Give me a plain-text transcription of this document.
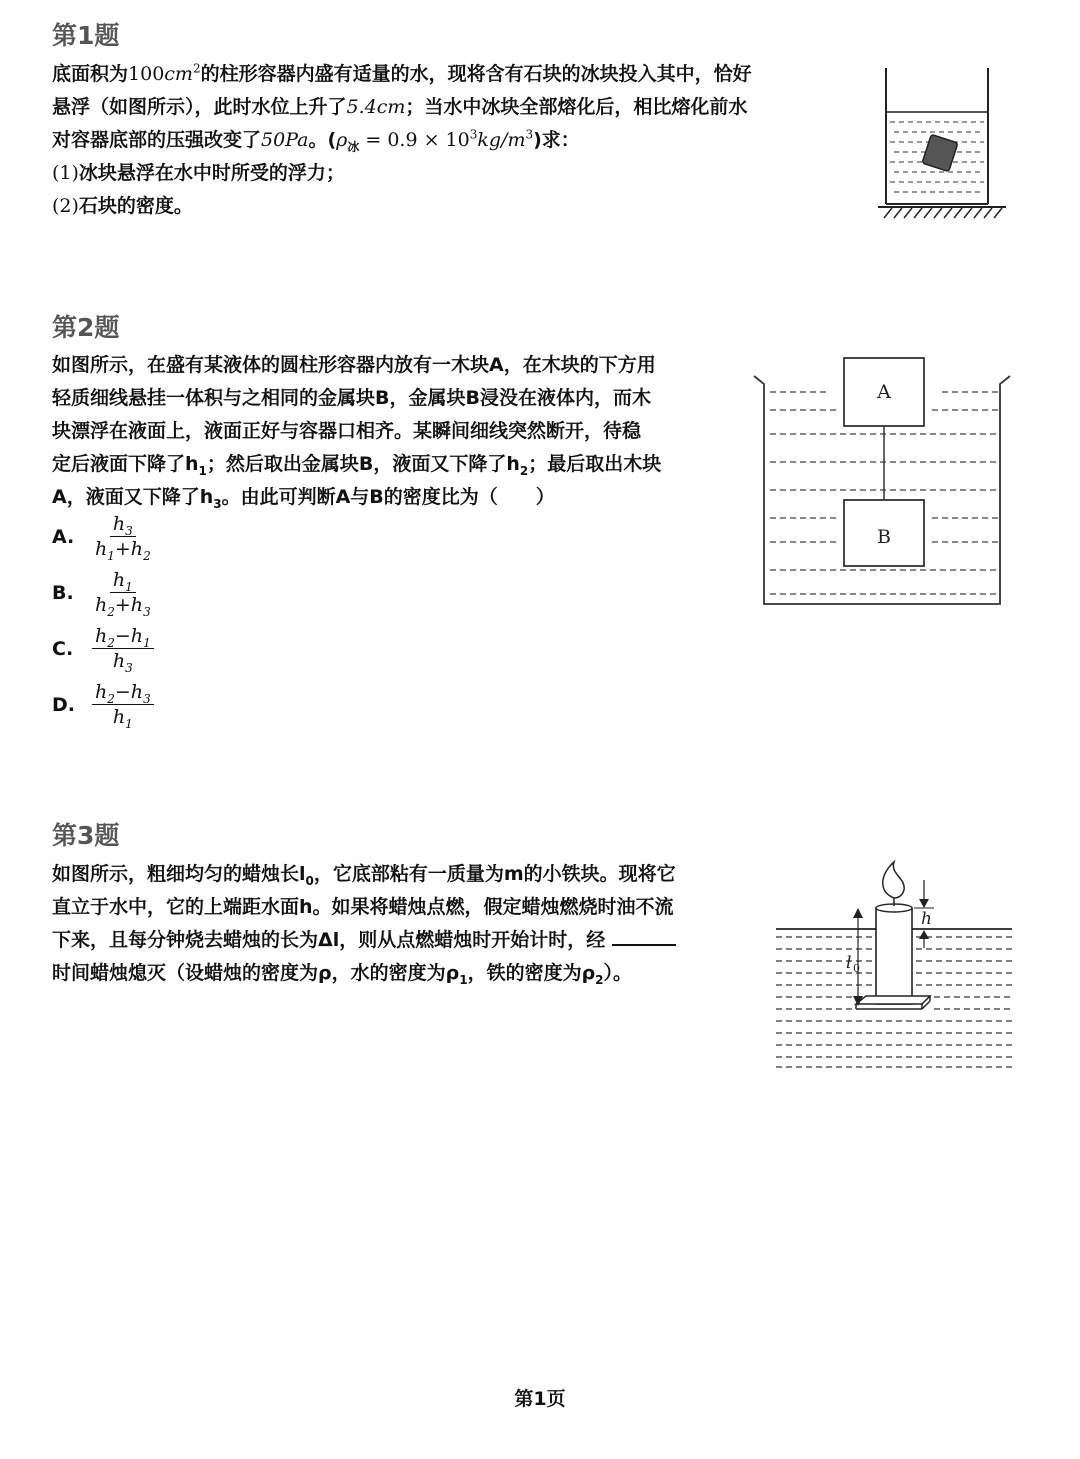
第1题
底面积为$100cm^2$的柱形容器内盛有适量的水，现将含有石块的冰块投入其中，恰好
悬浮（如图所示），此时水位上升了5.4cm；当水中冰块全部熔化后，相比熔化前水
对容器底部的压强改变了50Pa。$(\rho_冰 = 0.9 \times 10^3kg/m^3)$求：
(1)冰块悬浮在水中时所受的浮力；
(2)石块的密度。
第2题
如图所示，在盛有某液体的圆柱形容器内放有一木块A，在木块的下方用
轻质细线悬挂一体积与之相同的金属块B，金属块B浸没在液体内，而木
块漂浮在液面上，液面正好与容器口相齐。某瞬间细线突然断开，待稳
定后液面下降了$h_1$；然后取出金属块B，液面又下降了$h_2$；最后取出木块
A，液面又下降了$h_3$。由此可判断A与B的密度比为（　　）
A. $\frac{h_3}{h_1+h_2}$
B. $\frac{h_1}{h_2+h_3}$
C. $\frac{h_2-h_1}{h_3}$
D. $\frac{h_2-h_3}{h_1}$
A
B
第3题
如图所示，粗细均匀的蜡烛长$l_0$，它底部粘有一质量为m的小铁块。现将它
直立于水中，它的上端距水面h。如果将蜡烛点燃，假定蜡烛燃烧时油不流
下来，且每分钟烧去蜡烛的长为Δl，则从点燃蜡烛时开始计时，经
时间蜡烛熄灭（设蜡烛的密度为ρ，水的密度为$\rho_1$，铁的密度为$\rho_2$）。
h
l 0

第1页
